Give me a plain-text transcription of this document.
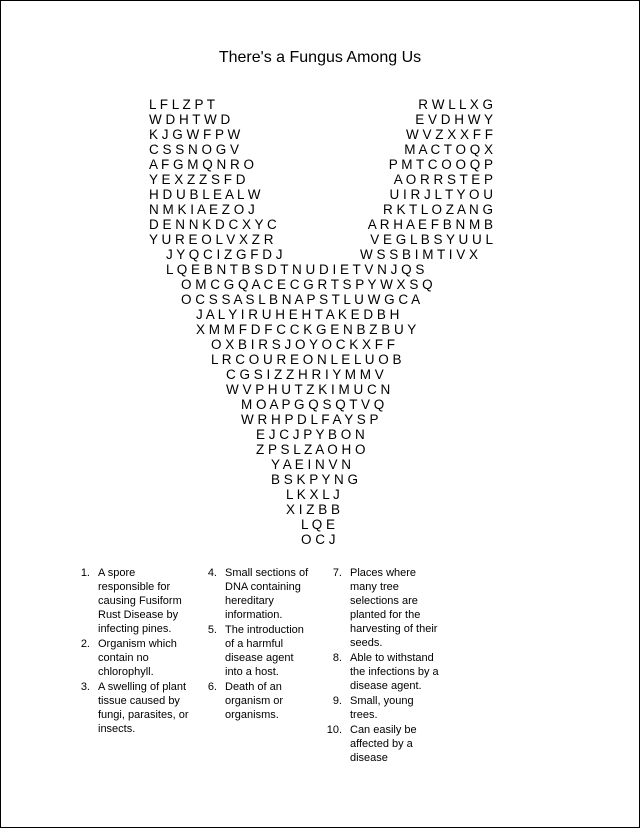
There's a Fungus Among Us
L F L Z P T	R W L L X G
W D H T W D	E V D H W Y
K J G W F P W	W V Z X X F F
C S S N O G V	M A C T O Q X
A F G M Q N R O	P M T C O O Q P
Y E X Z Z S F D	A O R R S T E P
H D U B L E A L W	U I R J L T Y O U
N M K I A E Z O J	R K T L O Z A N G
D E N N K D C X Y C	A R H A E F B N M B
Y U R E O L V X Z R	V E G L B S Y U U L
J Y Q C I Z G F D J	W S S B I M T I V X
L Q E B N T B S D T N U D I E T V N J Q S
O M C G Q A C E C G R T S P Y W X S Q
O C S S A S L B N A P S T L U W G C A
J A L Y I R U H E H T A K E D B H
X M M F D F C C K G E N B Z B U Y
O X B I R S J O Y O C K X F F
L R C O U R E O N L E L U O B
C G S I Z Z H R I Y M M V
W V P H U T Z K I M U C N
M O A P G Q S Q T V Q
W R H P D L F A Y S P
E J C J P Y B O N
Z P S L Z A O H O
Y A E I N V N
B S K P Y N G
L K X L J
X I Z B B
L Q E
O C J
1. A spore responsible for causing Fusiform Rust Disease by infecting pines.
2. Organism which contain no chlorophyll.
3. A swelling of plant tissue caused by fungi, parasites, or insects.
4. Small sections of DNA containing hereditary information.
5. The introduction of a harmful disease agent into a host.
6. Death of an organism or organisms.
7. Places where many tree selections are planted for the harvesting of their seeds.
8. Able to withstand the infections by a disease agent.
9. Small, young trees.
10. Can easily be affected by a disease
